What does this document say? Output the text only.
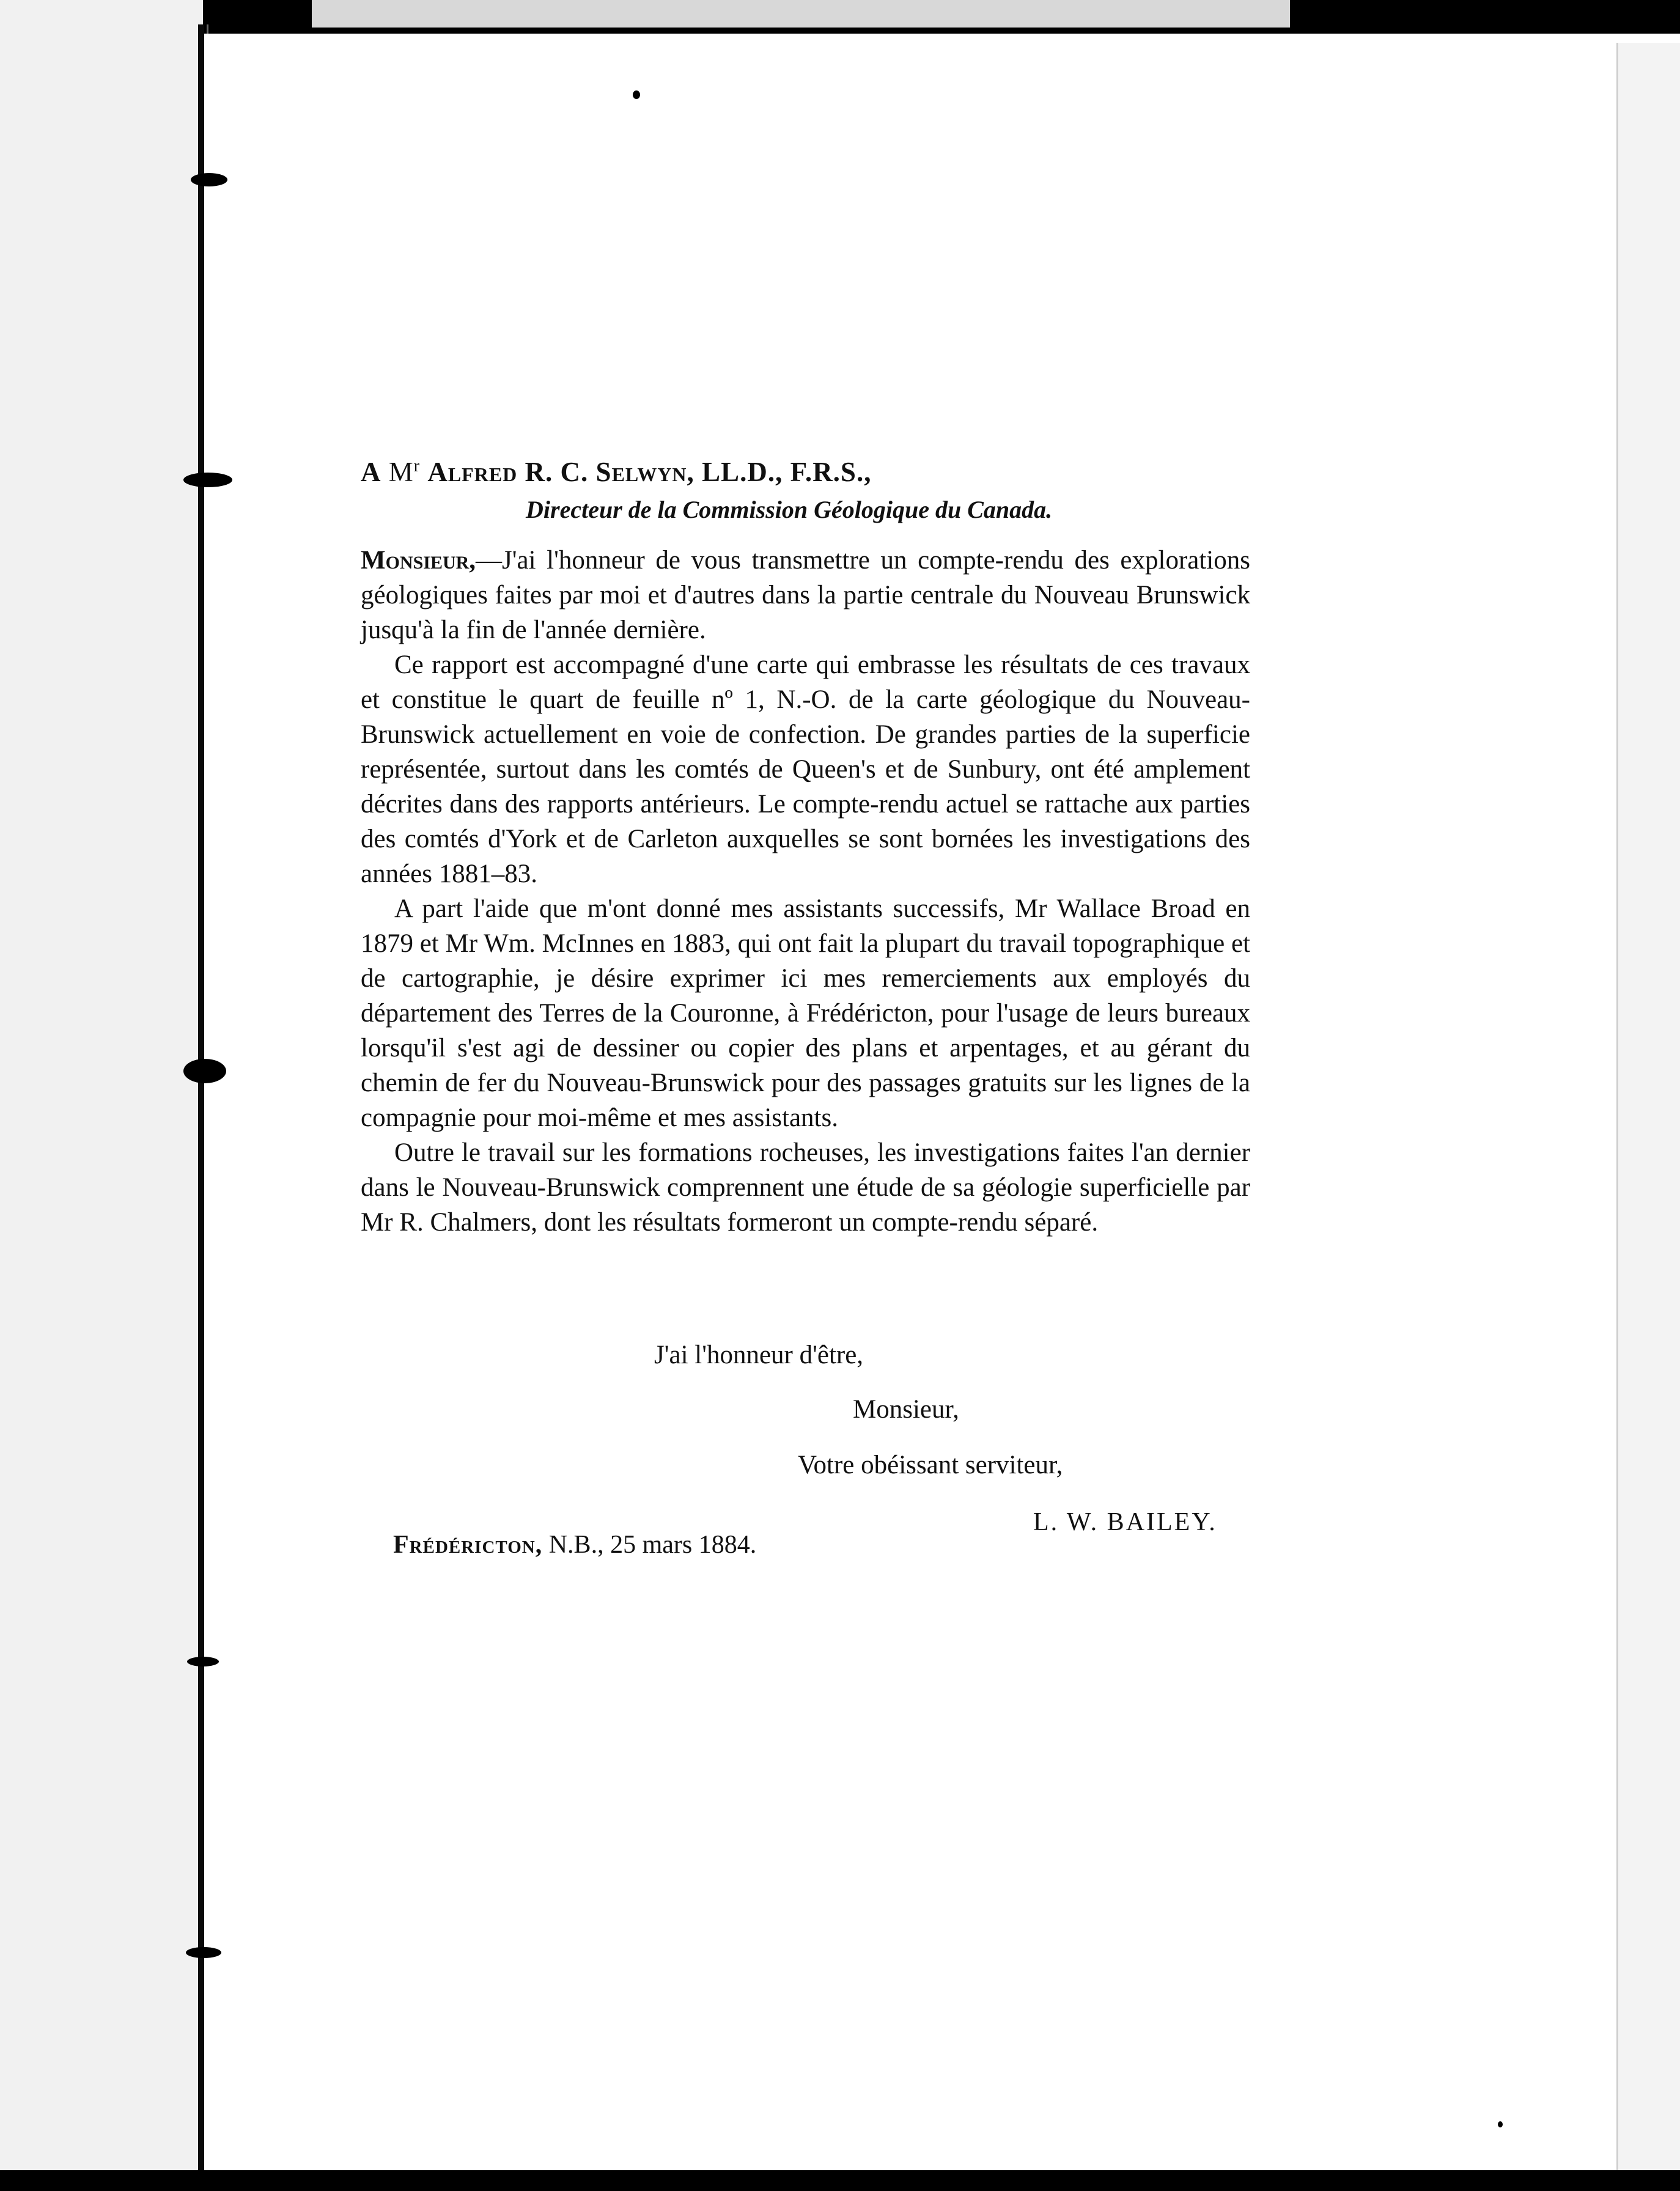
A $M^r$ Alfred R. C. Selwyn, LL.D., F.R.S.,
Directeur de la Commission Géologique du Canada.

Monsieur,—J'ai l'honneur de vous transmettre un compte-rendu des explorations géologiques faites par moi et d'autres dans la partie centrale du Nouveau Brunswick jusqu'à la fin de l'année dernière.

Ce rapport est accompagné d'une carte qui embrasse les résultats de ces travaux et constitue le quart de feuille nº 1, N.-O. de la carte géologique du Nouveau-Brunswick actuellement en voie de confection. De grandes parties de la superficie représentée, surtout dans les comtés de Queen's et de Sunbury, ont été amplement décrites dans des rapports antérieurs. Le compte-rendu actuel se rattache aux parties des comtés d'York et de Carleton auxquelles se sont bornées les investigations des années 1881–83.

A part l'aide que m'ont donné mes assistants successifs, Mr Wallace Broad en 1879 et Mr Wm. McInnes en 1883, qui ont fait la plupart du travail topographique et de cartographie, je désire exprimer ici mes remerciements aux employés du département des Terres de la Couronne, à Frédéricton, pour l'usage de leurs bureaux lorsqu'il s'est agi de dessiner ou copier des plans et arpentages, et au gérant du chemin de fer du Nouveau-Brunswick pour des passages gratuits sur les lignes de la compagnie pour moi-même et mes assistants.

Outre le travail sur les formations rocheuses, les investigations faites l'an dernier dans le Nouveau-Brunswick comprennent une étude de sa géologie superficielle par Mr R. Chalmers, dont les résultats formeront un compte-rendu séparé.

J'ai l'honneur d'être,
Monsieur,
Votre obéissant serviteur,
L. W. BAILEY.
Frédéricton, N.B., 25 mars 1884.
